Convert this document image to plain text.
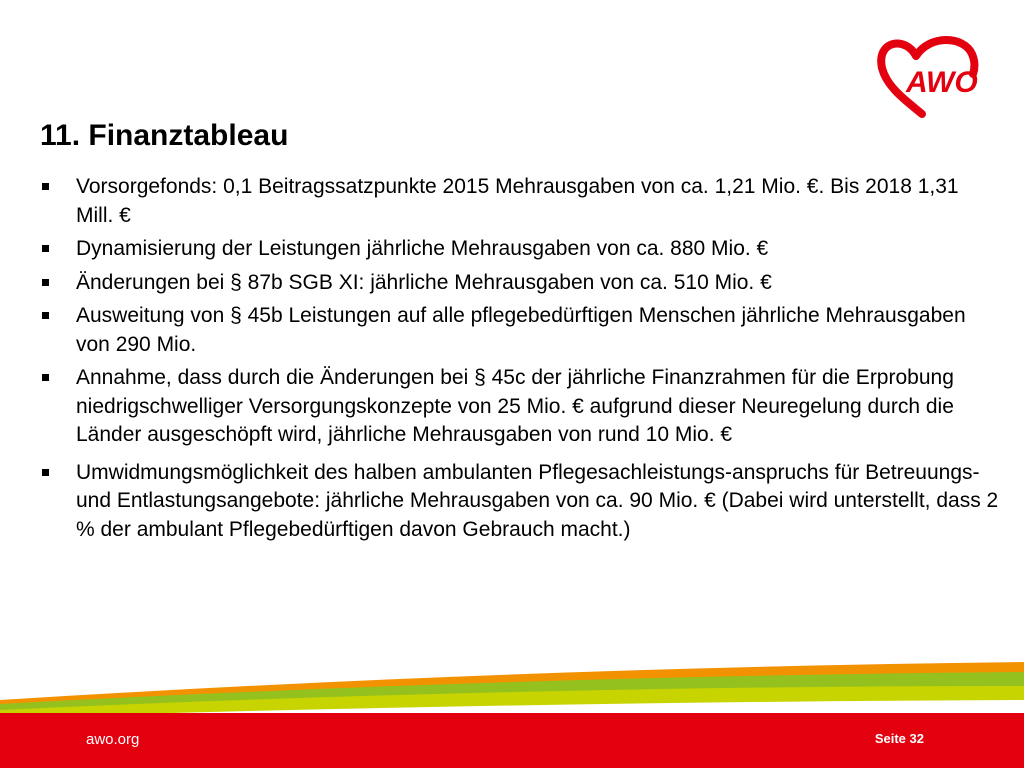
AWO
11. Finanztableau
Vorsorgefonds: 0,1 Beitragssatzpunkte 2015 Mehrausgaben von ca. 1,21 Mio. €. Bis 2018 1,31 Mill. €
Dynamisierung der Leistungen jährliche Mehrausgaben von ca. 880 Mio. €
Änderungen bei § 87b SGB XI: jährliche Mehrausgaben von ca. 510 Mio. €
Ausweitung von § 45b Leistungen auf alle pflegebedürftigen Menschen jährliche Mehrausgaben von 290 Mio.
Annahme, dass durch die Änderungen bei § 45c der jährliche Finanzrahmen für die Erprobung niedrigschwelliger Versorgungskonzepte von 25 Mio. € aufgrund dieser Neuregelung durch die Länder ausgeschöpft wird, jährliche Mehrausgaben von rund 10 Mio. €
Umwidmungsmöglichkeit des halben ambulanten Pflegesachleistungs-anspruchs für Betreuungs- und Entlastungsangebote: jährliche Mehrausgaben von ca. 90 Mio. € (Dabei wird unterstellt, dass 2 % der ambulant Pflegebedürftigen davon Gebrauch macht.)
awo.org	Seite 32
